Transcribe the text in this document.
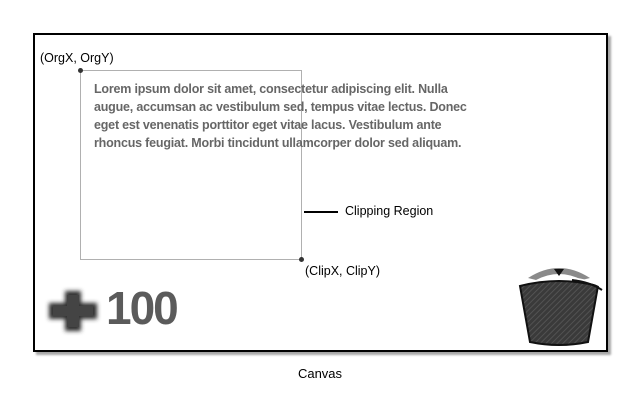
Lorem ipsum dolor sit amet, consectetur adipiscing elit. Nulla
augue, accumsan ac vestibulum sed, tempus vitae lectus. Donec
eget est venenatis porttitor eget vitae lacus. Vestibulum ante
rhoncus feugiat. Morbi tincidunt ullamcorper dolor sed aliquam.
(OrgX, OrgY)
(ClipX, ClipY)
Clipping Region
100
Canvas
